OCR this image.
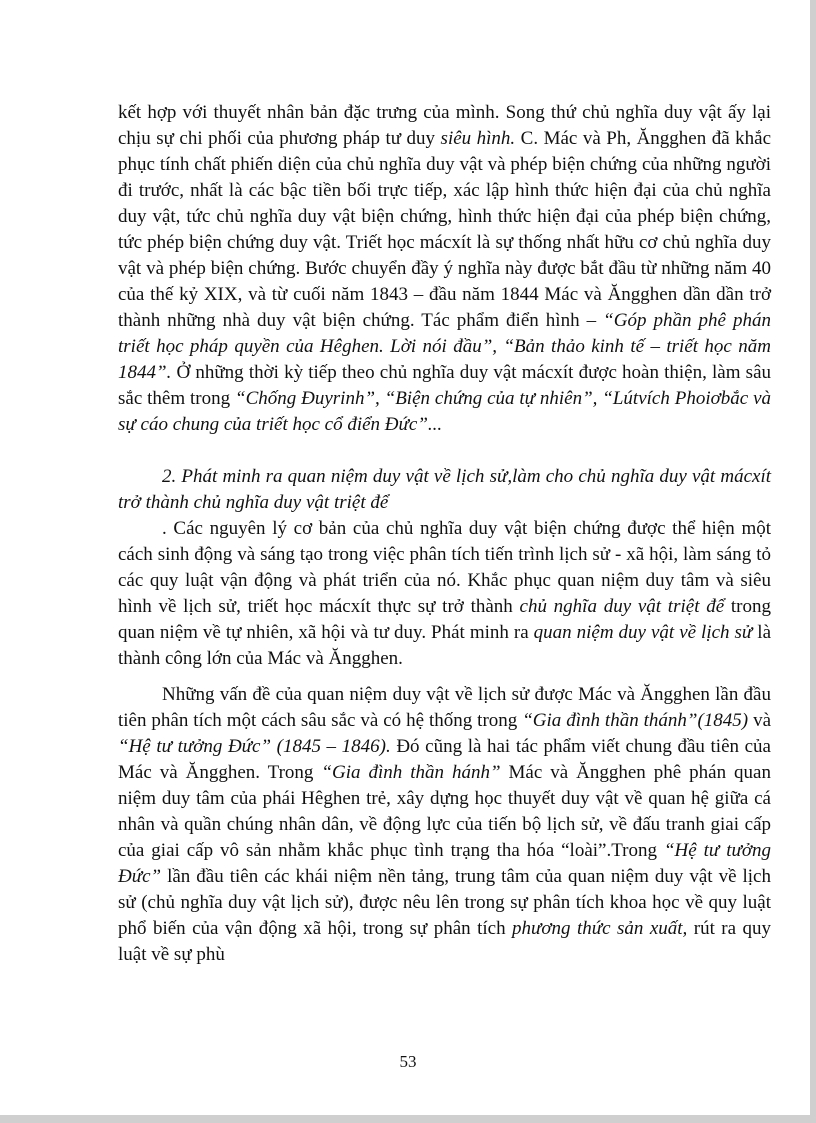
kết hợp với thuyết nhân bản đặc trưng của mình. Song thứ chủ nghĩa duy vật ấy lại chịu sự chi phối của phương pháp tư duy siêu hình. C. Mác và Ph, Ăngghen đã khắc phục tính chất phiến diện của chủ nghĩa duy vật và phép biện chứng của những người đi trước, nhất là các bậc tiền bối trực tiếp, xác lập hình thức hiện đại của chủ nghĩa duy vật, tức chủ nghĩa duy vật biện chứng, hình thức hiện đại của phép biện chứng, tức phép biện chứng duy vật. Triết học mácxít là sự thống nhất hữu cơ chủ nghĩa duy vật và phép biện chứng. Bước chuyển đầy ý nghĩa này được bắt đầu từ những năm 40 của thế kỷ XIX, và từ cuối năm 1843 – đầu năm 1844 Mác và Ăngghen dần dần trở thành những nhà duy vật biện chứng. Tác phẩm điển hình – “Góp phần phê phán triết học pháp quyền của Hêghen. Lời nói đầu”, “Bản thảo kinh tế – triết học năm 1844”. Ở những thời kỳ tiếp theo chủ nghĩa duy vật mácxít được hoàn thiện, làm sâu sắc thêm trong “Chống Đuyrinh”, “Biện chứng của tự nhiên”, “Lútvích Phoiơbắc và sự cáo chung của triết học cổ điển Đức”...

2. Phát minh ra quan niệm duy vật về lịch sử,làm cho chủ nghĩa duy vật mácxít trở thành chủ nghĩa duy vật triệt để

. Các nguyên lý cơ bản của chủ nghĩa duy vật biện chứng được thể hiện một cách sinh động và sáng tạo trong việc phân tích tiến trình lịch sử - xã hội, làm sáng tỏ các quy luật vận động và phát triển của nó. Khắc phục quan niệm duy tâm và siêu hình về lịch sử, triết học mácxít thực sự trở thành chủ nghĩa duy vật triệt để trong quan niệm về tự nhiên, xã hội và tư duy. Phát minh ra quan niệm duy vật về lịch sử là thành công lớn của Mác và Ăngghen.

Những vấn đề của quan niệm duy vật về lịch sử được Mác và Ăngghen lần đầu tiên phân tích một cách sâu sắc và có hệ thống trong “Gia đình thần thánh”(1845) và “Hệ tư tưởng Đức” (1845 – 1846). Đó cũng là hai tác phẩm viết chung đầu tiên của Mác và Ăngghen. Trong “Gia đình thần hánh” Mác và Ăngghen phê phán quan niệm duy tâm của phái Hêghen trẻ, xây dựng học thuyết duy vật về quan hệ giữa cá nhân và quần chúng nhân dân, về động lực của tiến bộ lịch sử, về đấu tranh giai cấp của giai cấp vô sản nhằm khắc phục tình trạng tha hóa “loài”.Trong “Hệ tư tưởng Đức” lần đầu tiên các khái niệm nền tảng, trung tâm của quan niệm duy vật về lịch sử (chủ nghĩa duy vật lịch sử), được nêu lên trong sự phân tích khoa học về quy luật phổ biến của vận động xã hội, trong sự phân tích phương thức sản xuất, rút ra quy luật về sự phù

53
